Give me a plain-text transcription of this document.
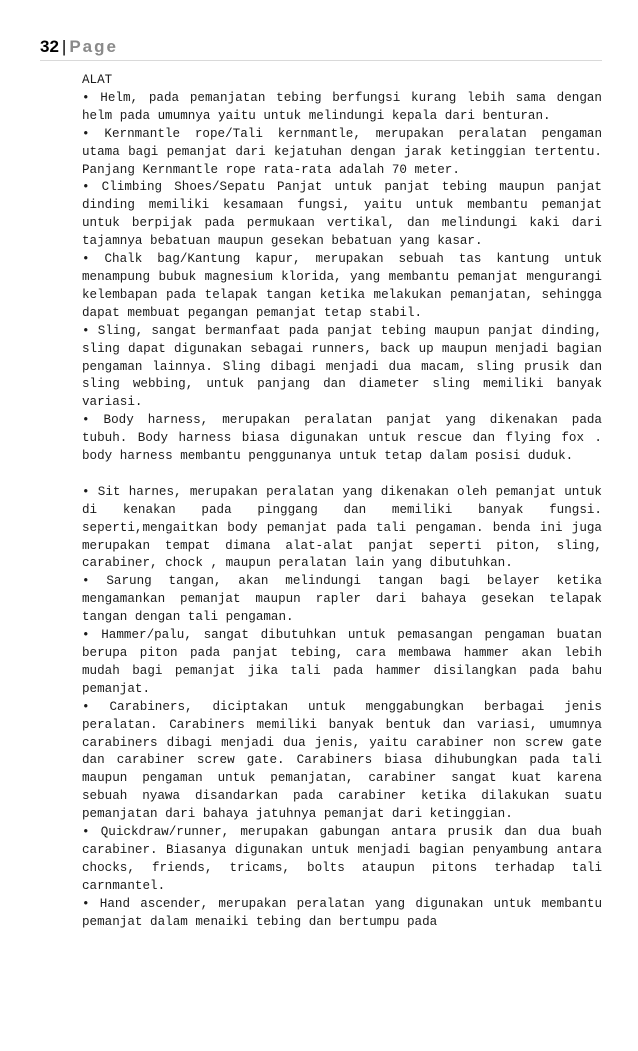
32 | Page

ALAT

• Helm, pada pemanjatan tebing berfungsi kurang lebih sama dengan helm pada umumnya yaitu untuk melindungi kepala dari benturan.

• Kernmantle rope/Tali kernmantle, merupakan peralatan pengaman utama bagi pemanjat dari kejatuhan dengan jarak ketinggian tertentu. Panjang Kernmantle rope rata-rata adalah 70 meter.

• Climbing Shoes/Sepatu Panjat untuk panjat tebing maupun panjat dinding memiliki kesamaan fungsi, yaitu untuk membantu pemanjat untuk berpijak pada permukaan vertikal, dan melindungi kaki dari tajamnya bebatuan maupun gesekan bebatuan yang kasar.

• Chalk bag/Kantung kapur, merupakan sebuah tas kantung untuk menampung bubuk magnesium klorida, yang membantu pemanjat mengurangi kelembapan pada telapak tangan ketika melakukan pemanjatan, sehingga dapat membuat pegangan pemanjat tetap stabil.

• Sling, sangat bermanfaat pada panjat tebing maupun panjat dinding, sling dapat digunakan sebagai runners, back up maupun menjadi bagian pengaman lainnya. Sling dibagi menjadi dua macam, sling prusik dan sling webbing, untuk panjang dan diameter sling memiliki banyak variasi.

• Body harness, merupakan peralatan panjat yang dikenakan pada tubuh. Body harness biasa digunakan untuk rescue dan flying fox . body harness membantu penggunanya untuk tetap dalam posisi duduk.

• Sit harnes, merupakan peralatan yang dikenakan oleh pemanjat untuk di kenakan pada pinggang dan memiliki banyak fungsi. seperti,mengaitkan body pemanjat pada tali pengaman. benda ini juga merupakan tempat dimana alat-alat panjat seperti piton, sling, carabiner, chock , maupun peralatan lain yang dibutuhkan.

• Sarung tangan, akan melindungi tangan bagi belayer ketika mengamankan pemanjat maupun rapler dari bahaya gesekan telapak tangan dengan tali pengaman.

• Hammer/palu, sangat dibutuhkan untuk pemasangan pengaman buatan berupa piton pada panjat tebing, cara membawa hammer akan lebih mudah bagi pemanjat jika tali pada hammer disilangkan pada bahu pemanjat.

• Carabiners, diciptakan untuk menggabungkan berbagai jenis peralatan. Carabiners memiliki banyak bentuk dan variasi, umumnya carabiners dibagi menjadi dua jenis, yaitu carabiner non screw gate dan carabiner screw gate. Carabiners biasa dihubungkan pada tali maupun pengaman untuk pemanjatan, carabiner sangat kuat karena sebuah nyawa disandarkan pada carabiner ketika dilakukan suatu pemanjatan dari bahaya jatuhnya pemanjat dari ketinggian.

• Quickdraw/runner, merupakan gabungan antara prusik dan dua buah carabiner. Biasanya digunakan untuk menjadi bagian penyambung antara chocks, friends, tricams, bolts ataupun pitons terhadap tali carnmantel.

• Hand ascender, merupakan peralatan yang digunakan untuk membantu pemanjat dalam menaiki tebing dan bertumpu pada
